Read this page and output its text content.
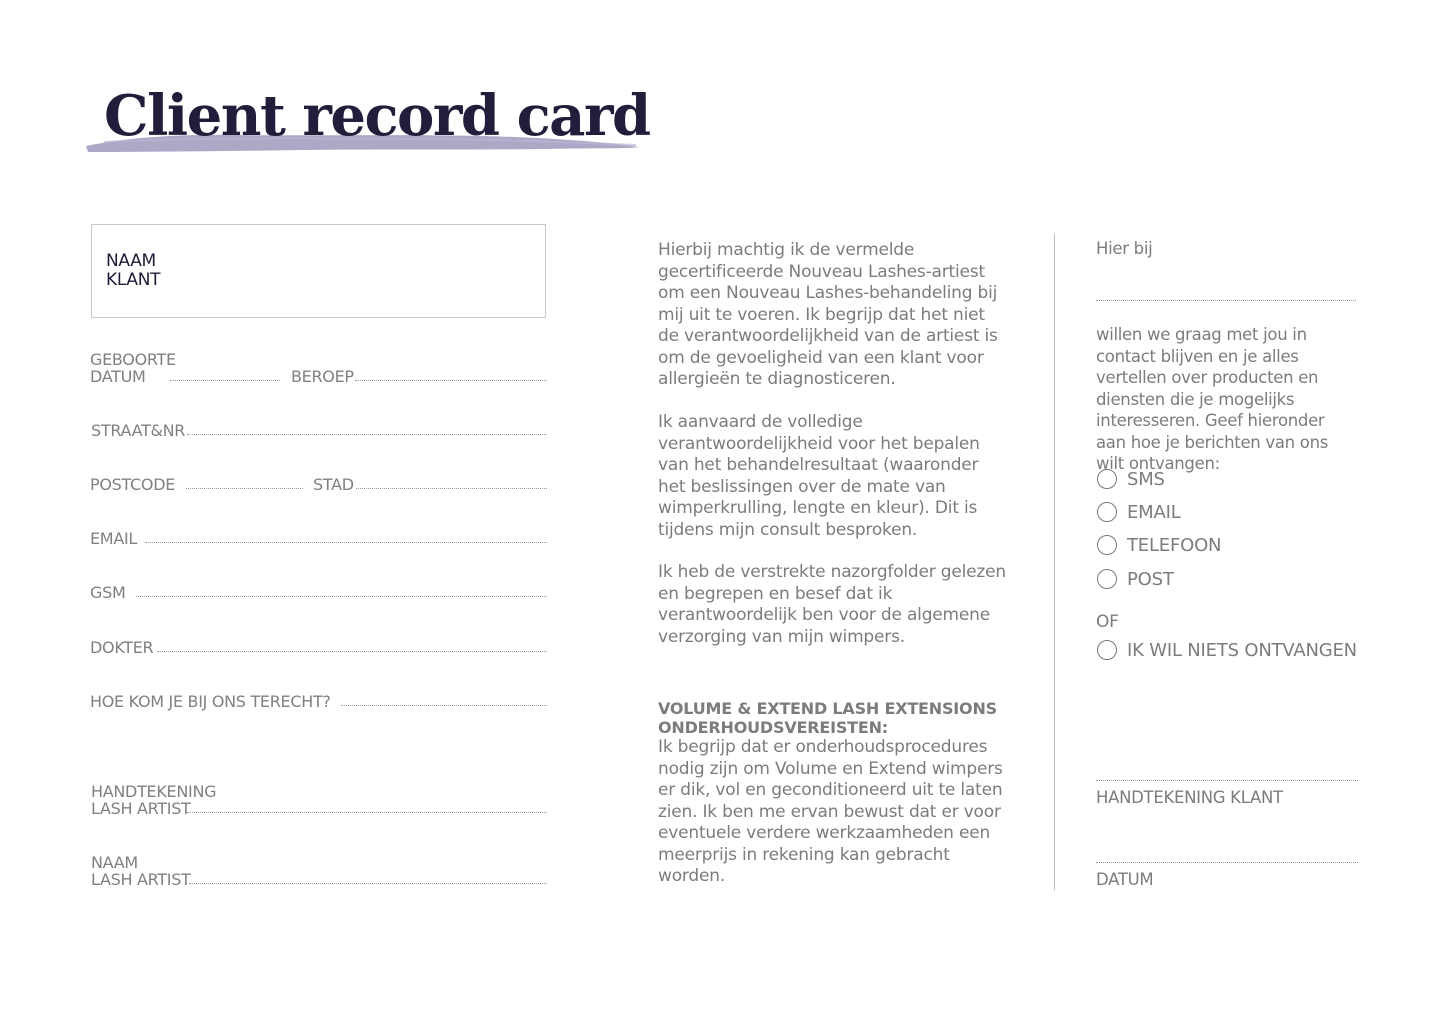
Client record card
NAAM
KLANT
GEBOORTE
DATUM	BEROEP
STRAAT&NR
POSTCODE	STAD
EMAIL
GSM
DOKTER
HOE KOM JE BIJ ONS TERECHT?
HANDTEKENING
LASH ARTIST
NAAM
LASH ARTIST

Hierbij machtig ik de vermelde gecertificeerde Nouveau Lashes-artiest om een Nouveau Lashes-behandeling bij mij uit te voeren. Ik begrijp dat het niet de verantwoordelijkheid van de artiest is om de gevoeligheid van een klant voor allergieën te diagnosticeren.

Ik aanvaard de volledige verantwoordelijkheid voor het bepalen van het behandelresultaat (waaronder het beslissingen over de mate van wimperkrulling, lengte en kleur). Dit is tijdens mijn consult besproken.

Ik heb de verstrekte nazorgfolder gelezen en begrepen en besef dat ik verantwoordelijk ben voor de algemene verzorging van mijn wimpers.

VOLUME & EXTEND LASH EXTENSIONS
ONDERHOUDSVEREISTEN:

Ik begrijp dat er onderhoudsprocedures nodig zijn om Volume en Extend wimpers er dik, vol en geconditioneerd uit te laten zien. Ik ben me ervan bewust dat er voor eventuele verdere werkzaamheden een meerprijs in rekening kan gebracht worden.

Hier bij
willen we graag met jou in contact blijven en je alles vertellen over producten en diensten die je mogelijks interesseren. Geef hieronder aan hoe je berichten van ons wilt ontvangen:
SMS
EMAIL
TELEFOON
POST
OF
IK WIL NIETS ONTVANGEN
HANDTEKENING KLANT
DATUM
